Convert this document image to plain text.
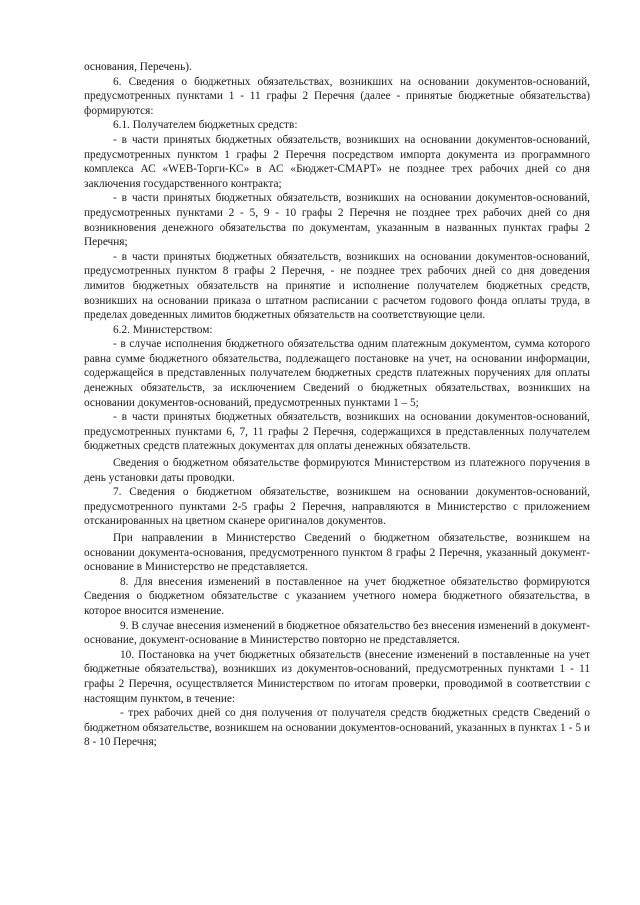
основания, Перечень).

6. Сведения о бюджетных обязательствах, возникших на основании документов-оснований, предусмотренных пунктами 1 - 11 графы 2 Перечня (далее - принятые бюджетные обязательства) формируются:

6.1. Получателем бюджетных средств:

- в части принятых бюджетных обязательств, возникших на основании документов-оснований, предусмотренных пунктом 1 графы 2 Перечня посредством импорта документа из программного комплекса АС «WEB-Торги-КС» в АС «Бюджет-СМАРТ» не позднее трех рабочих дней со дня заключения государственного контракта;

- в части принятых бюджетных обязательств, возникших на основании документов-оснований, предусмотренных пунктами 2 - 5, 9 - 10 графы 2 Перечня не позднее трех рабочих дней со дня возникновения денежного обязательства по документам, указанным в названных пунктах графы 2 Перечня;

- в части принятых бюджетных обязательств, возникших на основании документов-оснований, предусмотренных пунктом 8 графы 2 Перечня, - не позднее трех рабочих дней со дня доведения лимитов бюджетных обязательств на принятие и исполнение получателем бюджетных средств, возникших на основании приказа о штатном расписании с расчетом годового фонда оплаты труда, в пределах доведенных лимитов бюджетных обязательств на соответствующие цели.

6.2. Министерством:

- в случае исполнения бюджетного обязательства одним платежным документом, сумма которого равна сумме бюджетного обязательства, подлежащего постановке на учет, на основании информации, содержащейся в представленных получателем бюджетных средств платежных поручениях для оплаты денежных обязательств, за исключением Сведений о бюджетных обязательствах, возникших на основании документов-оснований, предусмотренных пунктами 1 – 5;

- в части принятых бюджетных обязательств, возникших на основании документов-оснований, предусмотренных пунктами 6, 7, 11 графы 2 Перечня, содержащихся в представленных получателем бюджетных средств платежных документах для оплаты денежных обязательств.

Сведения о бюджетном обязательстве формируются Министерством из платежного поручения в день установки даты проводки.

7. Сведения о бюджетном обязательстве, возникшем на основании документов-оснований, предусмотренного пунктами 2-5 графы 2 Перечня, направляются в Министерство с приложением отсканированных на цветном сканере оригиналов документов.

При направлении в Министерство Сведений о бюджетном обязательстве, возникшем на основании документа-основания, предусмотренного пунктом 8 графы 2 Перечня, указанный документ-основание в Министерство не представляется.

8. Для внесения изменений в поставленное на учет бюджетное обязательство формируются Сведения о бюджетном обязательстве с указанием учетного номера бюджетного обязательства, в которое вносится изменение.

9. В случае внесения изменений в бюджетное обязательство без внесения изменений в документ-основание, документ-основание в Министерство повторно не представляется.

10. Постановка на учет бюджетных обязательств (внесение изменений в поставленные на учет бюджетные обязательства), возникших из документов-оснований, предусмотренных пунктами 1 - 11 графы 2 Перечня, осуществляется Министерством по итогам проверки, проводимой в соответствии с настоящим пунктом, в течение:

- трех рабочих дней со дня получения от получателя средств бюджетных средств Сведений о бюджетном обязательстве, возникшем на основании документов-оснований, указанных в пунктах 1 - 5 и 8 - 10 Перечня;
